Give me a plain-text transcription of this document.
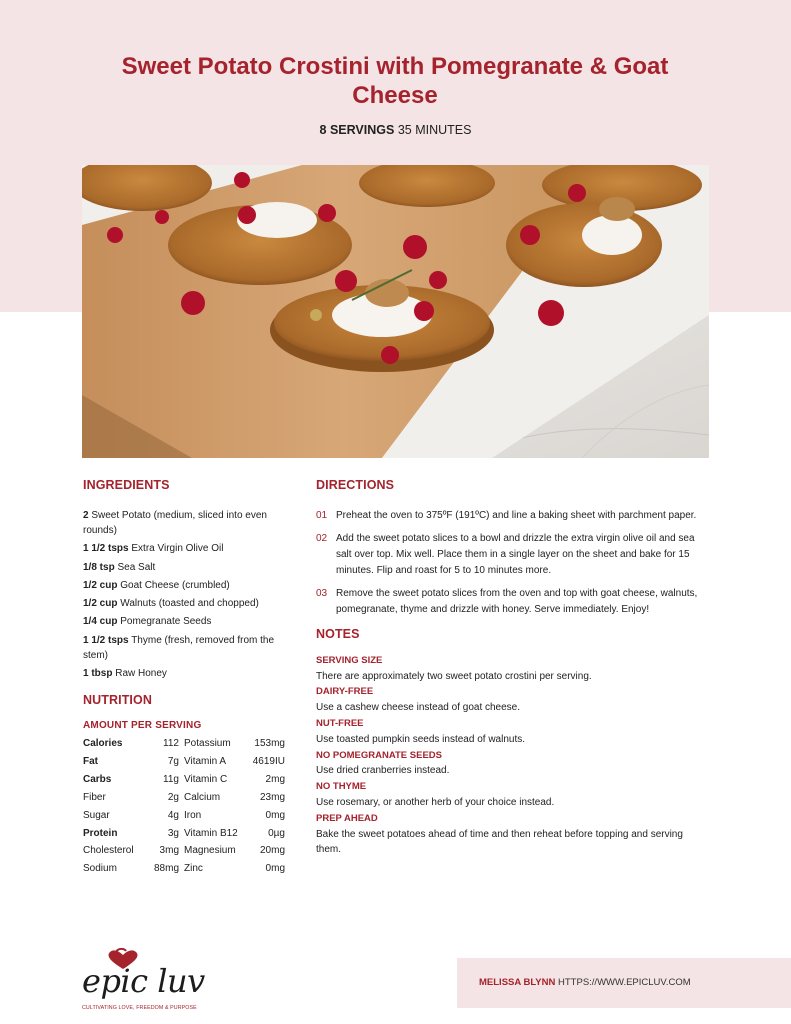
Sweet Potato Crostini with Pomegranate & Goat Cheese
8 SERVINGS 35 MINUTES
INGREDIENTS
2 Sweet Potato (medium, sliced into even rounds)
1 1/2 tsps Extra Virgin Olive Oil
1/8 tsp Sea Salt
1/2 cup Goat Cheese (crumbled)
1/2 cup Walnuts (toasted and chopped)
1/4 cup Pomegranate Seeds
1 1/2 tsps Thyme (fresh, removed from the stem)
1 tbsp Raw Honey
NUTRITION
AMOUNT PER SERVING
Calories	112
Fat	7g
Carbs	11g
Fiber	2g
Sugar	4g
Protein	3g
Cholesterol	3mg
Sodium	88mg
Potassium 153mg
Vitamin A	4619IU
Vitamin C	2mg
Calcium	23mg
Iron	0mg
Vitamin B12	0µg
Magnesium 20mg
Zinc	0mg
DIRECTIONS
01 Preheat the oven to 375ºF (191ºC) and line a baking sheet with parchment paper.
02 Add the sweet potato slices to a bowl and drizzle the extra virgin olive oil and sea salt over top. Mix well. Place them in a single layer on the sheet and bake for 15 minutes. Flip and roast for 5 to 10 minutes more.
03 Remove the sweet potato slices from the oven and top with goat cheese, walnuts, pomegranate, thyme and drizzle with honey. Serve immediately. Enjoy!
NOTES
SERVING SIZE
There are approximately two sweet potato crostini per serving.
DAIRY-FREE
Use a cashew cheese instead of goat cheese.
NUT-FREE
Use toasted pumpkin seeds instead of walnuts.
NO POMEGRANATE SEEDS
Use dried cranberries instead.
NO THYME
Use rosemary, or another herb of your choice instead.
PREP AHEAD
Bake the sweet potatoes ahead of time and then reheat before topping and serving them.
epic luv
CULTIVATING LOVE, FREEDOM & PURPOSE
MELISSA BLYNN HTTPS://WWW.EPICLUV.COM
